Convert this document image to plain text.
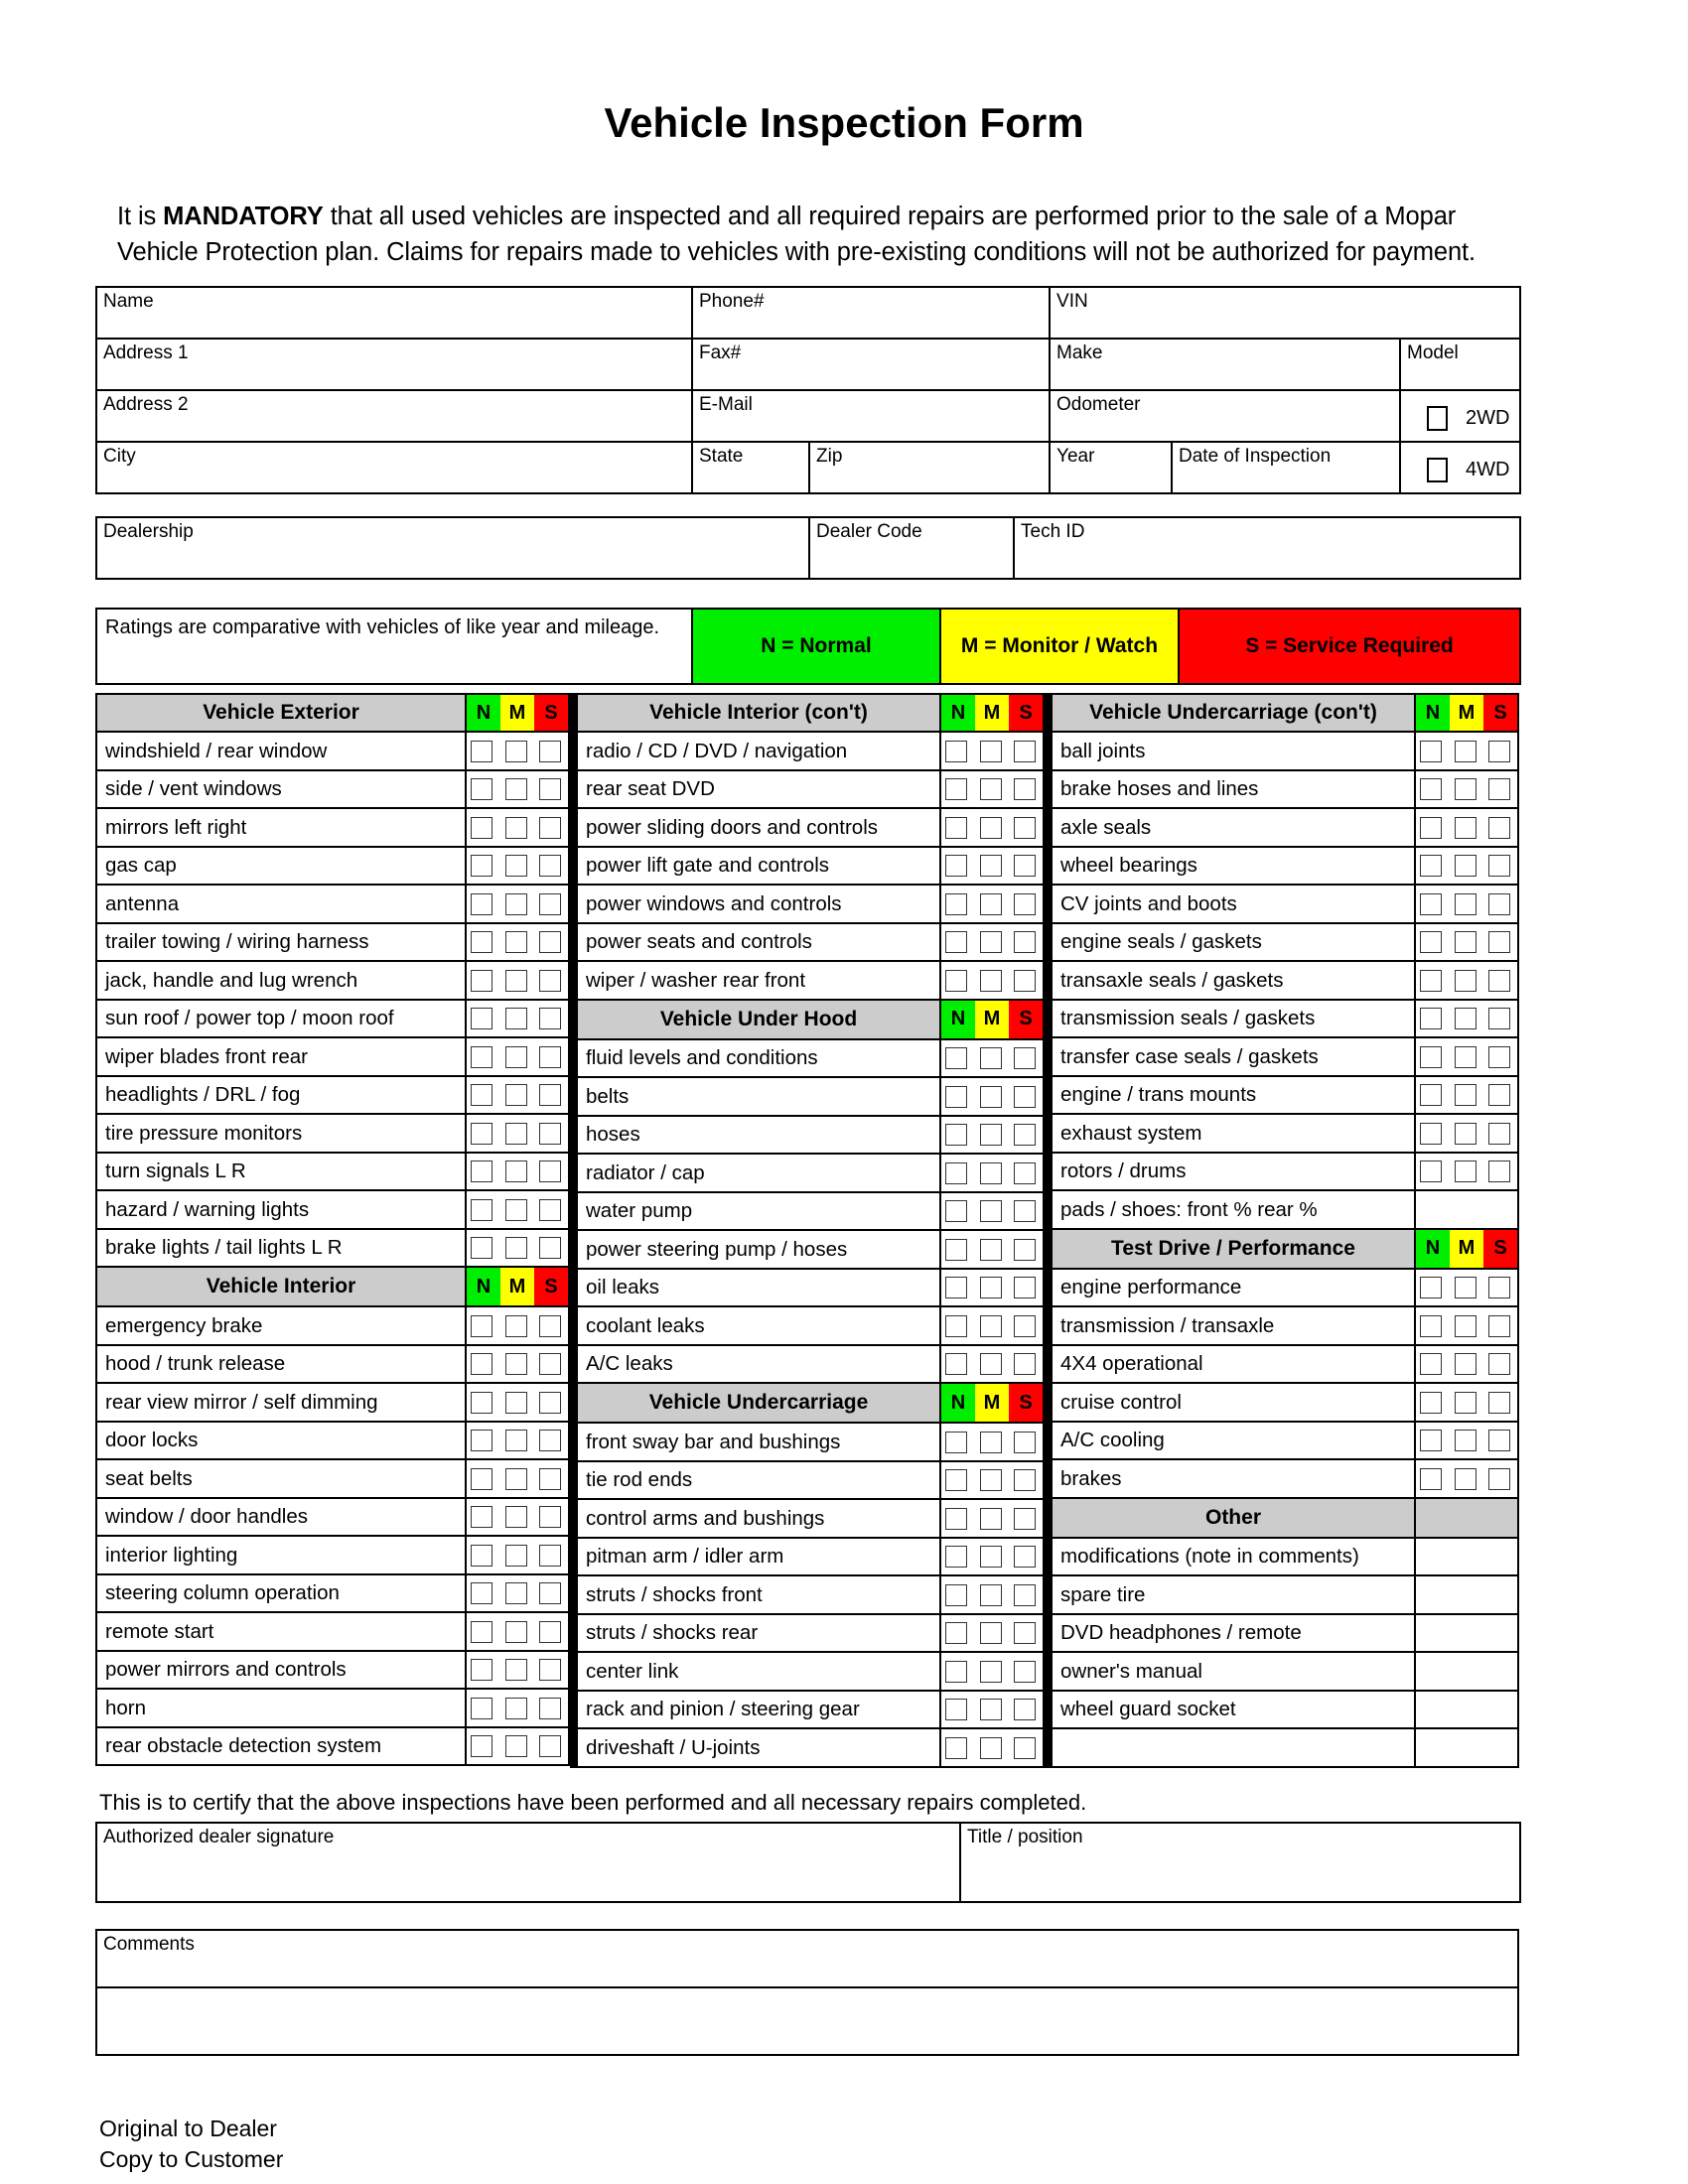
Vehicle Inspection Form

It is MANDATORY that all used vehicles are inspected and all required repairs are performed prior to the sale of a Mopar Vehicle Protection plan. Claims for repairs made to vehicles with pre-existing conditions will not be authorized for payment.

Name	Phone#		VIN		
Address 1	Fax#		Make		Model
Address 2	E-Mail		Odometer		2WD

City	State	Zip	Year	Date of Inspection	4WD
Dealership	Dealer Code	Tech ID
Ratings are comparative with vehicles of like year and mileage.	N = Normal	M = Monitor / Watch	S = Service Required
Vehicle Exterior	N M S
windshield / rear window
side / vent windows
mirrors left right
gas cap
antenna
trailer towing / wiring harness
jack, handle and lug wrench
sun roof / power top / moon roof
wiper blades front rear
headlights / DRL / fog
tire pressure monitors
turn signals L R
hazard / warning lights
brake lights / tail lights L R
Vehicle Interior	N M S
emergency brake
hood / trunk release
rear view mirror / self dimming
door locks
seat belts
window / door handles
interior lighting
steering column operation
remote start
power mirrors and controls
horn
rear obstacle detection system
Vehicle Interior (con't)	N M S
radio / CD / DVD / navigation
rear seat DVD
power sliding doors and controls
power lift gate and controls
power windows and controls
power seats and controls
wiper / washer rear front
Vehicle Under Hood	N M S
fluid levels and conditions
belts
hoses
radiator / cap
water pump
power steering pump / hoses
oil leaks
coolant leaks
A/C leaks
Vehicle Undercarriage	N M S
front sway bar and bushings
tie rod ends
control arms and bushings
pitman arm / idler arm
struts / shocks front
struts / shocks rear
center link
rack and pinion / steering gear
driveshaft / U-joints
Vehicle Undercarriage (con't)	N M S
ball joints
brake hoses and lines
axle seals
wheel bearings
CV joints and boots
engine seals / gaskets
transaxle seals / gaskets
transmission seals / gaskets
transfer case seals / gaskets
engine / trans mounts
exhaust system
rotors / drums
pads / shoes: front % rear %
Test Drive / Performance	N M S
engine performance
transmission / transaxle
4X4 operational
cruise control
A/C cooling
brakes
Other
modifications (note in comments)
spare tire
DVD headphones / remote
owner's manual
wheel guard socket
This is to certify that the above inspections have been performed and all necessary repairs completed.
Authorized dealer signature	Title / position
Comments

Original to Dealer
Copy to Customer
